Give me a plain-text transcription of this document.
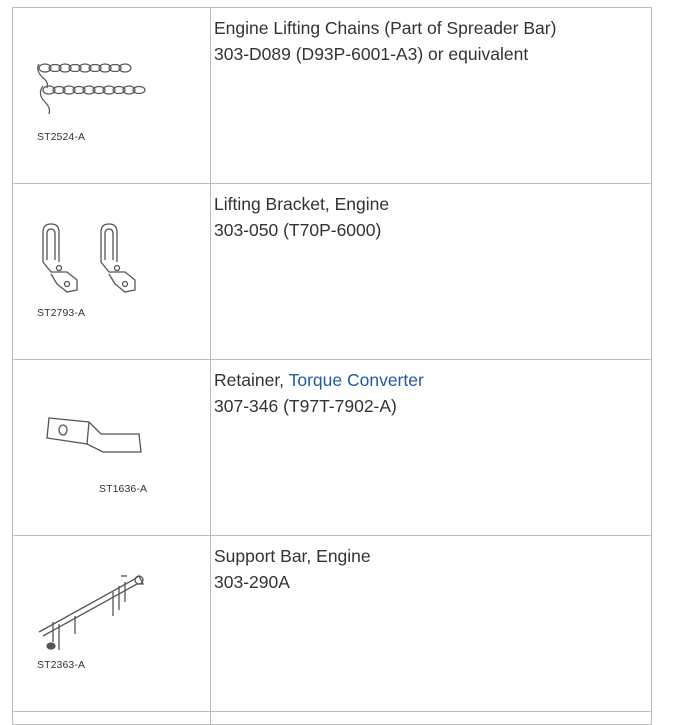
ST2524-A	Engine Lifting Chains (Part of Spreader Bar)
303-D089 (D93P-6001-A3) or equivalent

ST2793-A	Lifting Bracket, Engine
303-050 (T70P-6000)

ST1636-A	Retainer, Torque Converter
307-346 (T97T-7902-A)

ST2363-A	Support Bar, Engine
303-290A
